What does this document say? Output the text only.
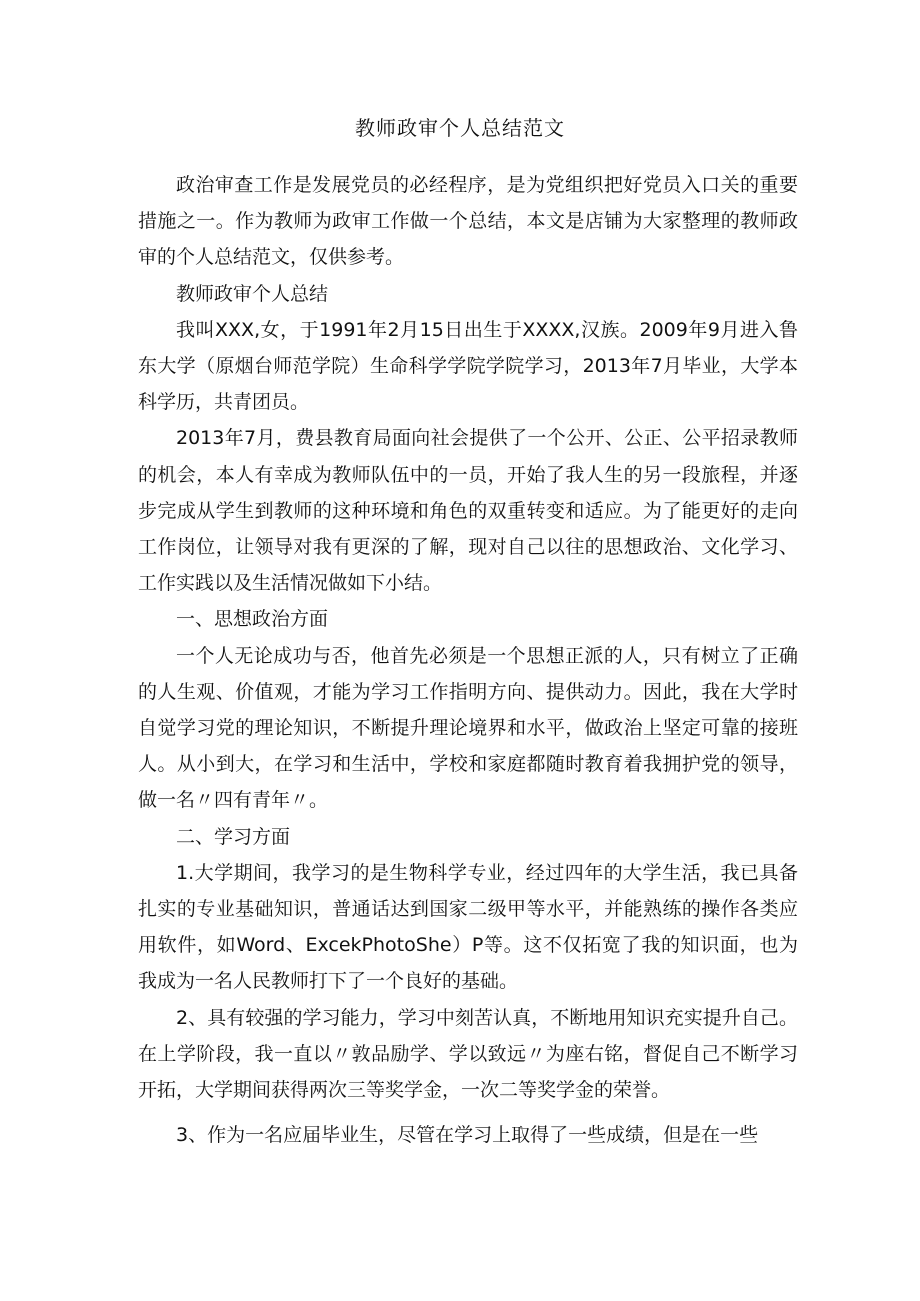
教师政审个人总结范文

政治审查工作是发展党员的必经程序，是为党组织把好党员入口关的重要措施之一。作为教师为政审工作做一个总结，本文是店铺为大家整理的教师政审的个人总结范文，仅供参考。

教师政审个人总结

我叫XXX,女，于1991年2月15日出生于XXXX,汉族。2009年9月进入鲁东大学（原烟台师范学院）生命科学学院学院学习，2013年7月毕业，大学本科学历，共青团员。

2013年7月，费县教育局面向社会提供了一个公开、公正、公平招录教师的机会，本人有幸成为教师队伍中的一员，开始了我人生的另一段旅程，并逐步完成从学生到教师的这种环境和角色的双重转变和适应。为了能更好的走向工作岗位，让领导对我有更深的了解，现对自己以往的思想政治、文化学习、工作实践以及生活情况做如下小结。

一、思想政治方面

一个人无论成功与否，他首先必须是一个思想正派的人，只有树立了正确的人生观、价值观，才能为学习工作指明方向、提供动力。因此，我在大学时自觉学习党的理论知识，不断提升理论境界和水平，做政治上坚定可靠的接班人。从小到大，在学习和生活中，学校和家庭都随时教育着我拥护党的领导，做一名〃四有青年〃。

二、学习方面

1.大学期间，我学习的是生物科学专业，经过四年的大学生活，我已具备扎实的专业基础知识，普通话达到国家二级甲等水平，并能熟练的操作各类应用软件，如Word、ExcekPhotoShe）P等。这不仅拓宽了我的知识面，也为我成为一名人民教师打下了一个良好的基础。

2、具有较强的学习能力，学习中刻苦认真，不断地用知识充实提升自己。在上学阶段，我一直以〃敦品励学、学以致远〃为座右铭，督促自己不断学习开拓，大学期间获得两次三等奖学金，一次二等奖学金的荣誉。

3、作为一名应届毕业生，尽管在学习上取得了一些成绩，但是在一些
